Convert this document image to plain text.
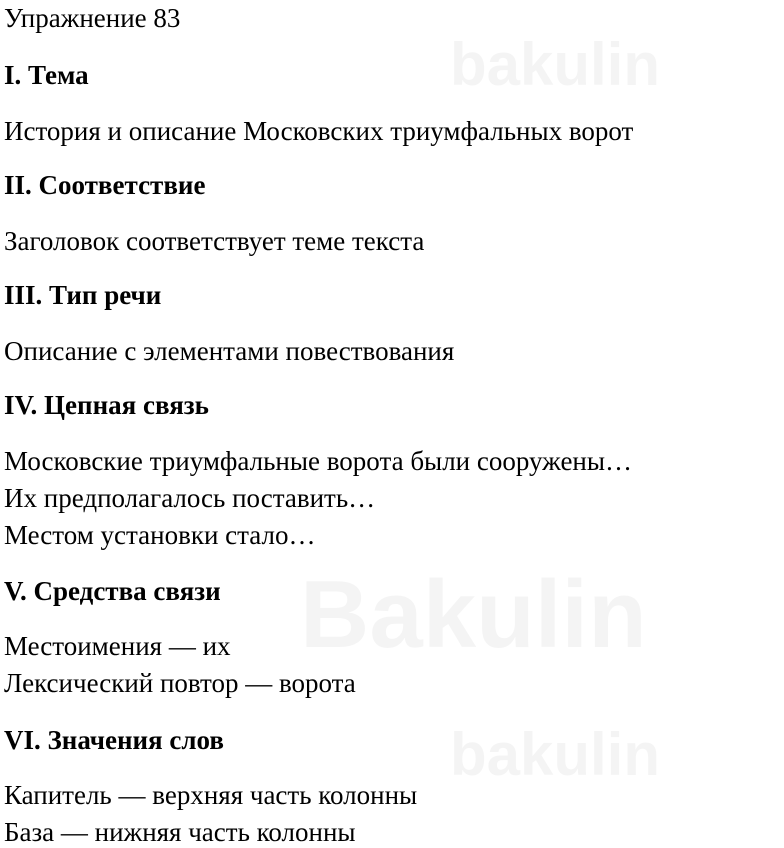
Упражнение 83
I. Тема
История и описание Московских триумфальных ворот
II. Соответствие
Заголовок соответствует теме текста
III. Тип речи
Описание с элементами повествования
IV. Цепная связь
Московские триумфальные ворота были сооружены…
Их предполагалось поставить…
Местом установки стало…
V. Средства связи
Местоимения — их
Лексический повтор — ворота
VI. Значения слов
Капитель — верхняя часть колонны
База — нижняя часть колонны
